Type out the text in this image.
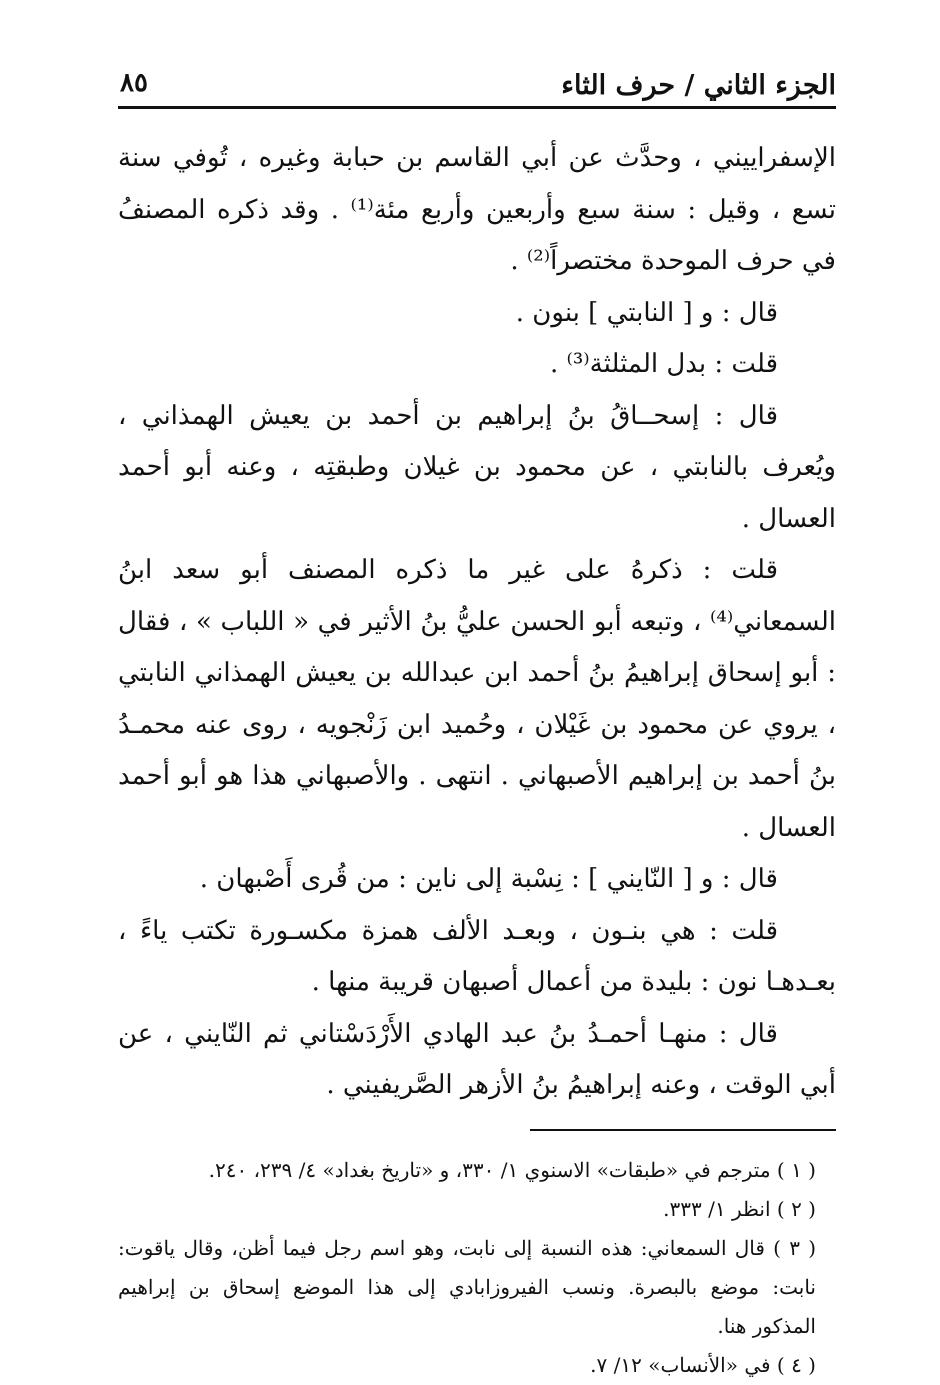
الجزء الثاني / حرف الثاء
٨٥

الإسفراييني ، وحدَّث عن أبي القاسم بن حبابة وغيره ، تُوفي سنة تسع ، وقيل : سنة سبع وأربعين وأربع مئة⁽¹⁾ . وقد ذكره المصنفُ في حرف الموحدة مختصراً⁽²⁾ .

قال : و [ النابتي ] بنون .

قلت : بدل المثلثة⁽³⁾ .

قال : إسحــاقُ بنُ إبراهيم بن أحمد بن يعيش الهمذاني ، ويُعرف بالنابتي ، عن محمود بن غيلان وطبقتِه ، وعنه أبو أحمد العسال .

قلت : ذكرهُ على غير ما ذكره المصنف أبو سعد ابنُ السمعاني⁽⁴⁾ ، وتبعه أبو الحسن عليُّ بنُ الأثير في « اللباب » ، فقال : أبو إسحاق إبراهيمُ بنُ أحمد ابن عبدالله بن يعيش الهمذاني النابتي ، يروي عن محمود بن غَيْلان ، وحُميد ابن زَنْجويه ، روى عنه محمـدُ بنُ أحمد بن إبراهيم الأصبهاني . انتهى . والأصبهاني هذا هو أبو أحمد العسال .

قال : و [ النّايني ] : نِسْبة إلى ناين : من قُرى أَصْبهان .

قلت : هي بنـون ، وبعـد الألف همزة مكسـورة تكتب ياءً ، بعـدهـا نون : بليدة من أعمال أصبهان قريبة منها .

قال : منهـا أحمـدُ بنُ عبد الهادي الأَرْدَسْتاني ثم النّايني ، عن أبي الوقت ، وعنه إبراهيمُ بنُ الأزهر الصَّريفيني .

( ١ ) مترجم في «طبقات» الاسنوي ١/ ٣٣٠، و «تاريخ بغداد» ٤/ ٢٣٩، ٢٤٠.

( ٢ ) انظر ١/ ٣٣٣.

( ٣ ) قال السمعاني: هذه النسبة إلى نابت، وهو اسم رجل فيما أظن، وقال ياقوت: نابت: موضع بالبصرة. ونسب الفيروزابادي إلى هذا الموضع إسحاق بن إبراهيم المذكور هنا.

( ٤ ) في «الأنساب» ١٢/ ٧.
